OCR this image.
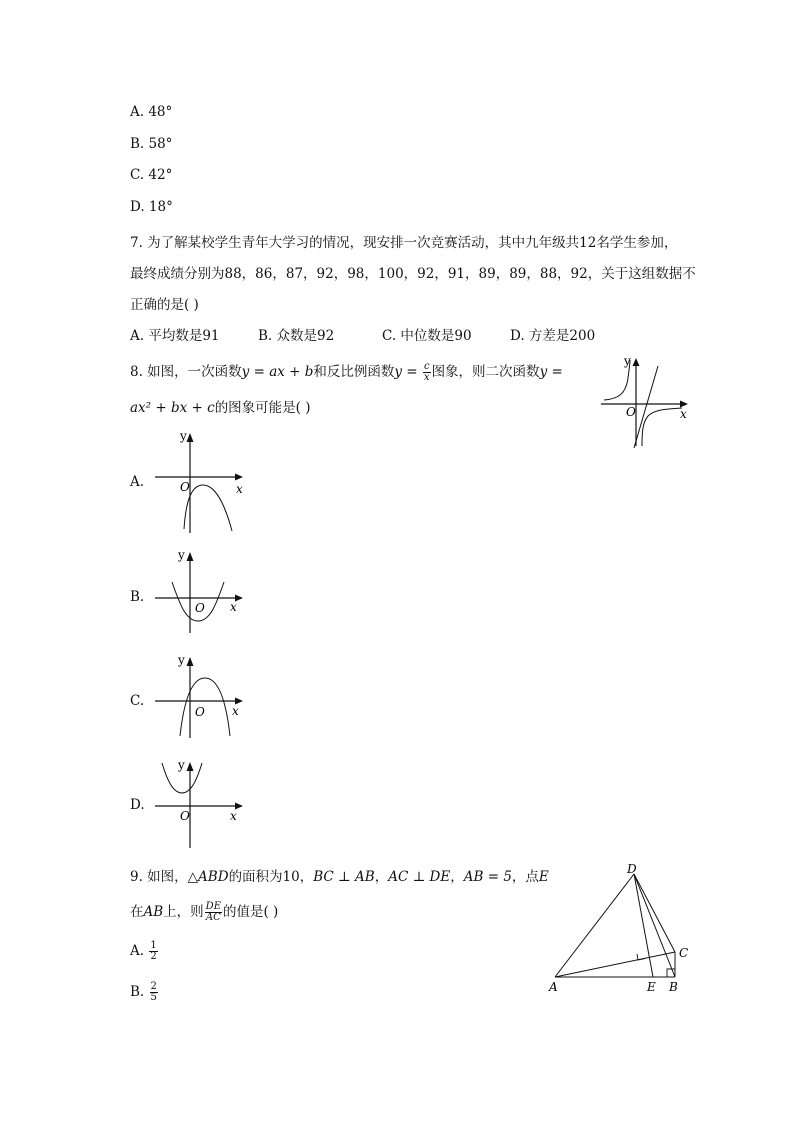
A. 48°
B. 58°
C. 42°
D. 18°
7. 为了解某校学生青年大学习的情况，现安排一次竞赛活动，其中九年级共12名学生参加，
最终成绩分别为88，86，87，92，98，100，92，91，89，89，88，92，关于这组数据不
正确的是( )
A. 平均数是91	B. 众数是92	C. 中位数是90	D. 方差是200
8. 如图，一次函数y = ax + b和反比例函数$y = \frac{c}{x}$ 图象，则二次函数y =
ax² + bx + c的图象可能是( )	O	x
y
A.	O	x
y
B.
O x
y
C.
O x
y
D.
O	x
y
9. 如图，△ABD的面积为10，BC ⊥ AB，AC ⊥ DE，AB = 5，点E
在AB上，则 $\frac{DE}{AC}$ 的值是( )
A. $\frac{1}{2}$
B. $\frac{2}{5}$
D
C
A	E B
